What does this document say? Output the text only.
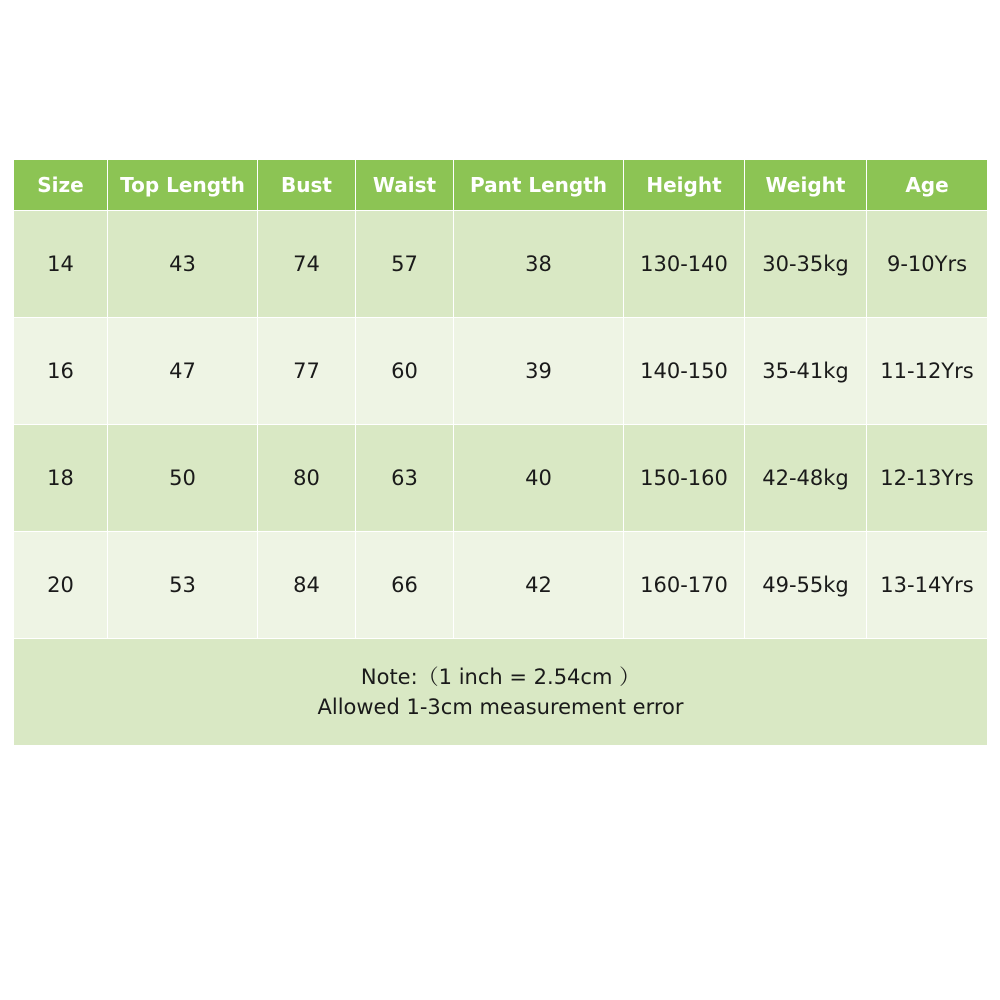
Size	Top Length	Bust	Waist	Pant Length	Height	Weight	Age
14	43	74	57	38	130-140	30-35kg	9-10Yrs
16	47	77	60	39	140-150	35-41kg	11-12Yrs
18	50	80	63	40	150-160	42-48kg	12-13Yrs
20	53	84	66	42	160-170	49-55kg	13-14Yrs

Note:（1 inch = 2.54cm ）
Allowed 1-3cm measurement error							
